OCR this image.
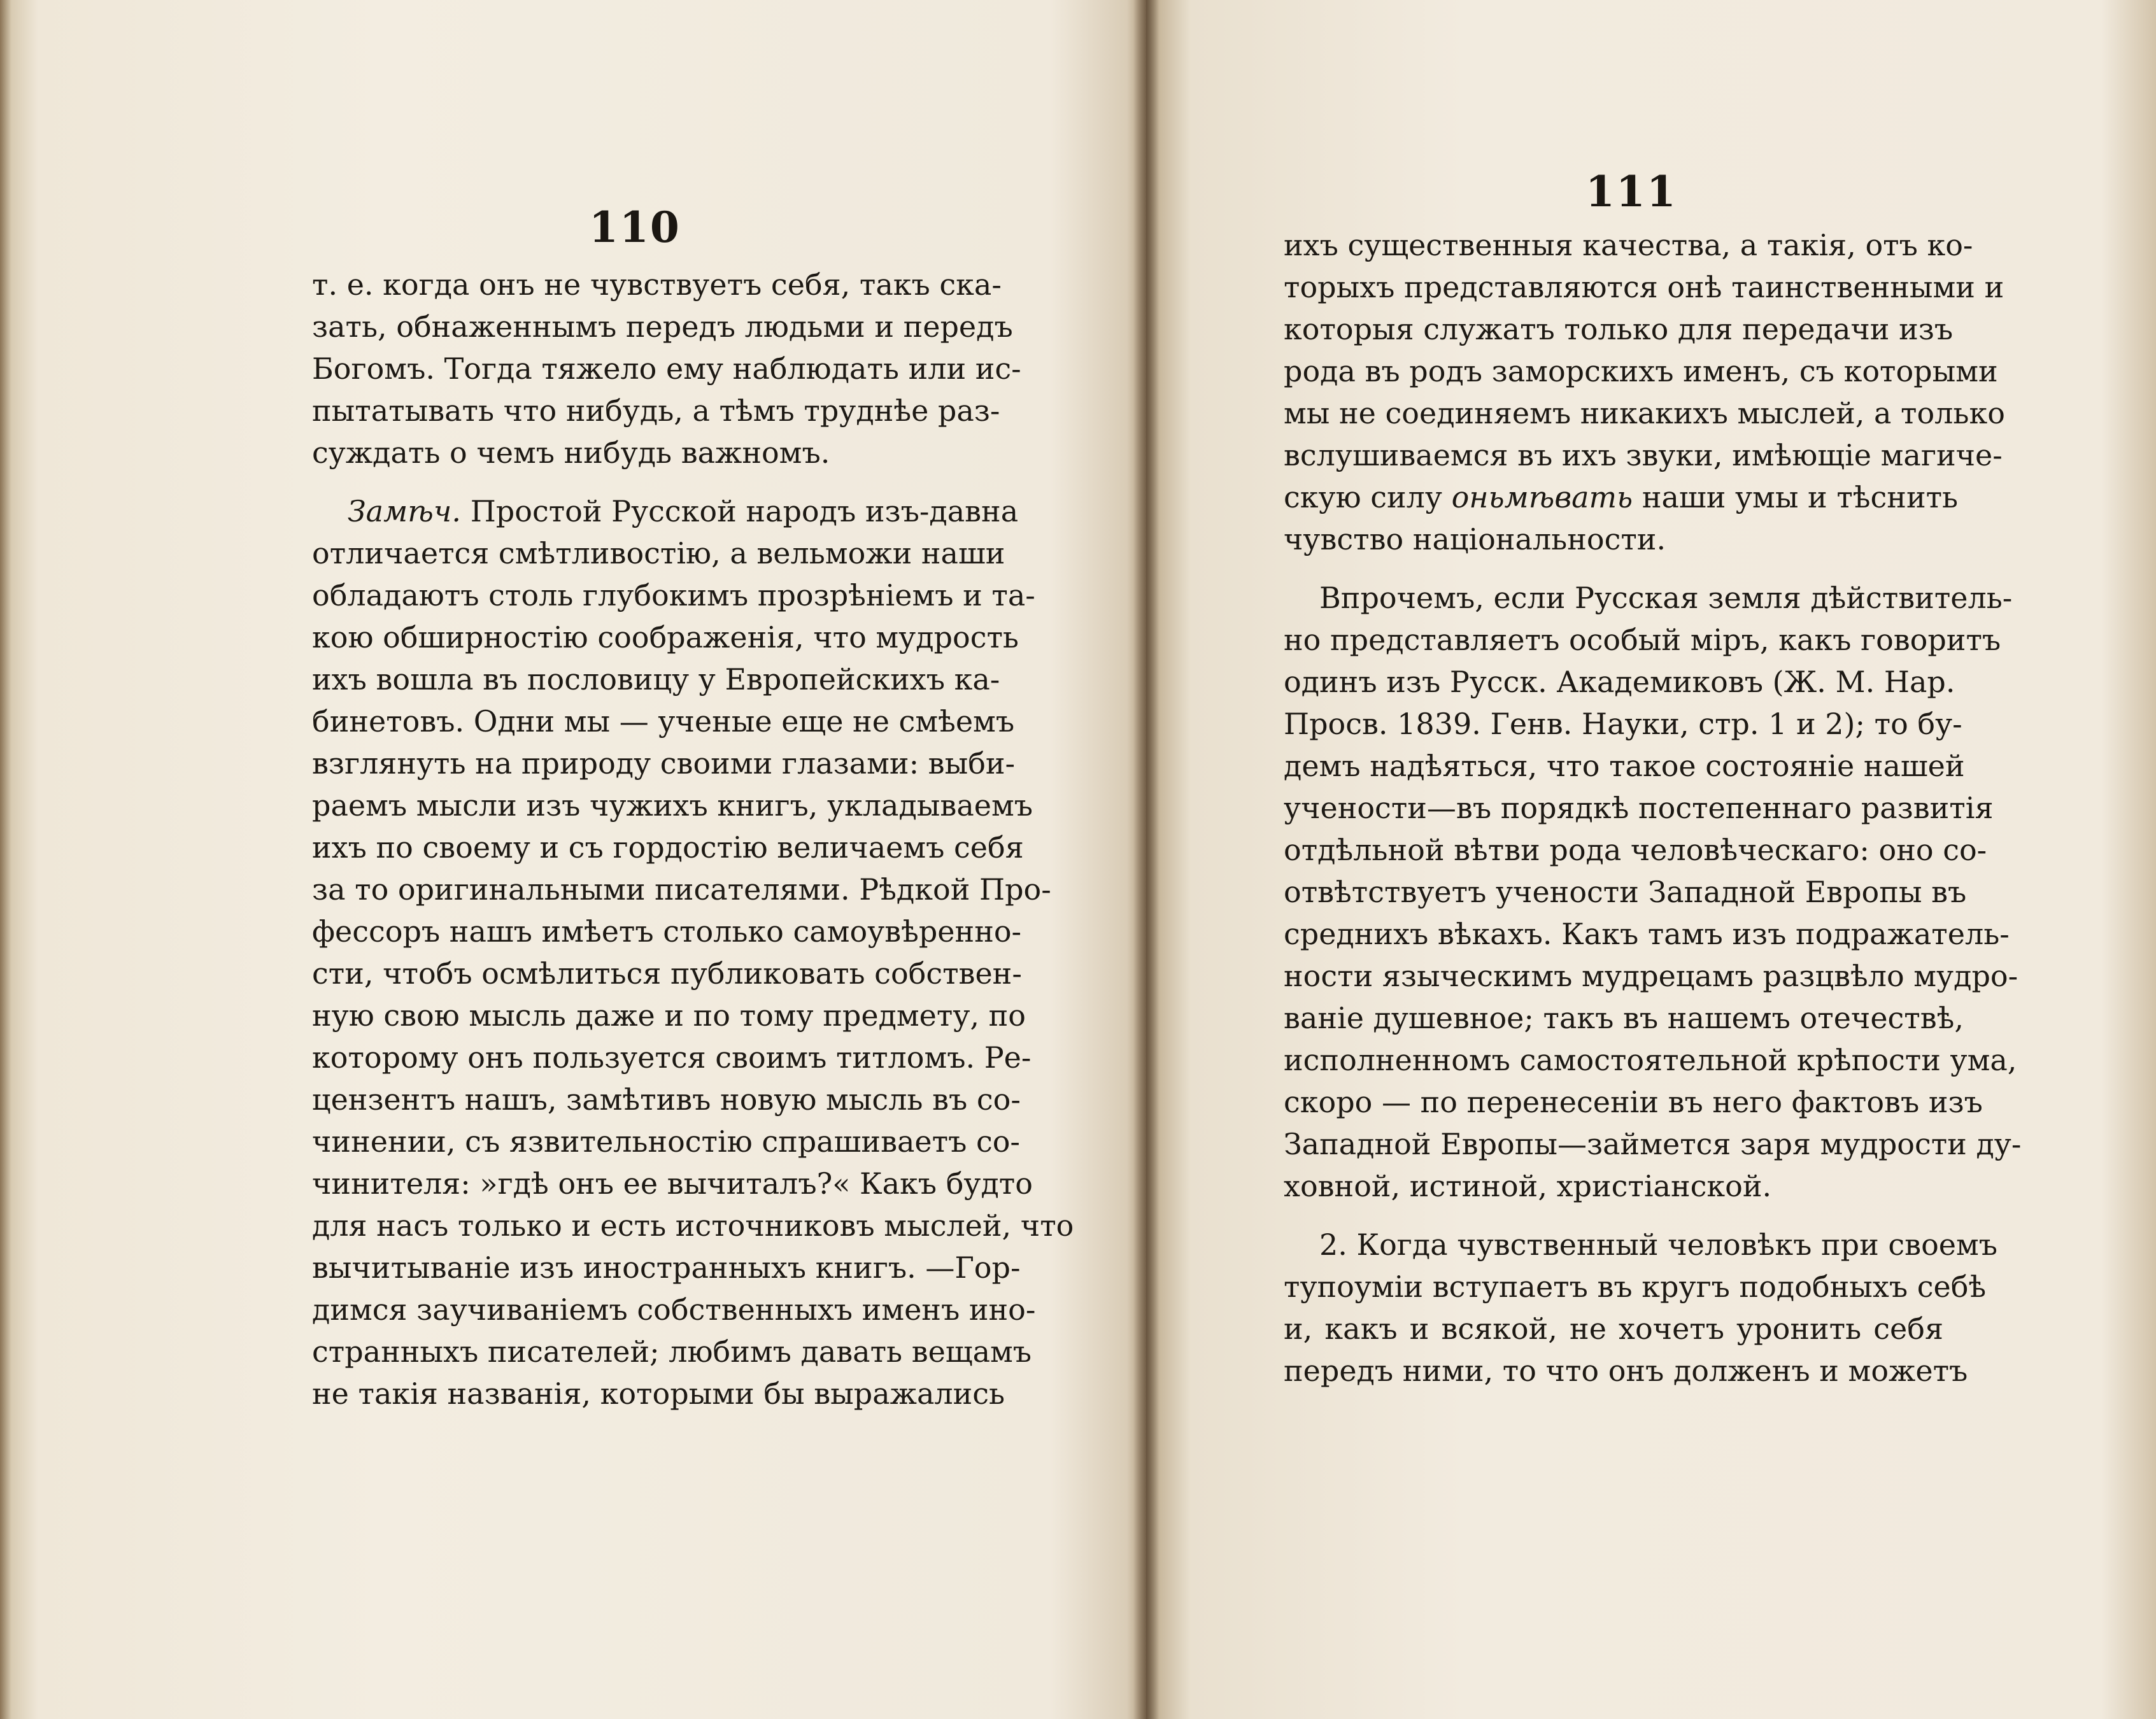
110
т. е. когда онъ не чувствуетъ себя, такъ ска-
зать, обнаженнымъ передъ людьми и передъ
Богомъ. Тогда тяжело ему наблюдать или ис-
пытатывать что нибудь, а тѣмъ труднѣе раз-
суждать о чемъ нибудь важномъ.
Замѣч. Простой Русской народъ изъ-давна
отличается смѣтливостію, а вельможи наши
обладаютъ столь глубокимъ прозрѣніемъ и та-
кою обширностію соображенія, что мудрость
ихъ вошла въ пословицу у Европейскихъ ка-
бинетовъ. Одни мы — ученые еще не смѣемъ
взглянуть на природу своими глазами: выби-
раемъ мысли изъ чужихъ книгъ, укладываемъ
ихъ по своему и съ гордостію величаемъ себя
за то оригинальными писателями. Рѣдкой Про-
фессоръ нашъ имѣетъ столько самоувѣренно-
сти, чтобъ осмѣлиться публиковать собствен-
ную свою мысль даже и по тому предмету, по
которому онъ пользуется своимъ титломъ. Ре-
цензентъ нашъ, замѣтивъ новую мысль въ со-
чинении, съ язвительностію спрашиваетъ со-
чинителя: »гдѣ онъ ее вычиталъ?« Какъ будто
для насъ только и есть источниковъ мыслей, что
вычитываніе изъ иностранныхъ книгъ. —Гор-
димся заучиваніемъ собственныхъ именъ ино-
странныхъ писателей; любимъ давать вещамъ
не такія названія, которыми бы выражались
111
ихъ существенныя качества, а такія, отъ ко-
торыхъ представляются онѣ таинственными и
которыя служатъ только для передачи изъ
рода въ родъ заморскихъ именъ, съ которыми
мы не соединяемъ никакихъ мыслей, а только
вслушиваемся въ ихъ звуки, имѣющіе магиче-
скую силу оньмѣвать наши умы и тѣснить
чувство національности.
Впрочемъ, если Русская земля дѣйствитель-
но представляетъ особый міръ, какъ говоритъ
одинъ изъ Русск. Академиковъ (Ж. М. Нар.
Просв. 1839. Генв. Науки, стр. 1 и 2); то бу-
демъ надѣяться, что такое состояніе нашей
учености—въ порядкѣ постепеннаго развитія
отдѣльной вѣтви рода человѣческаго: оно со-
отвѣтствуетъ учености Западной Европы въ
среднихъ вѣкахъ. Какъ тамъ изъ подражатель-
ности языческимъ мудрецамъ разцвѣло мудро-
ваніе душевное; такъ въ нашемъ отечествѣ,
исполненномъ самостоятельной крѣпости ума,
скоро — по перенесеніи въ него фактовъ изъ
Западной Европы—займется заря мудрости ду-
ховной, истиной, христіанской.
2. Когда чувственный человѣкъ при своемъ
тупоуміи вступаетъ въ кругъ подобныхъ себѣ
и, какъ и всякой, не хочетъ уронить себя
передъ ними, то что онъ долженъ и можетъ
